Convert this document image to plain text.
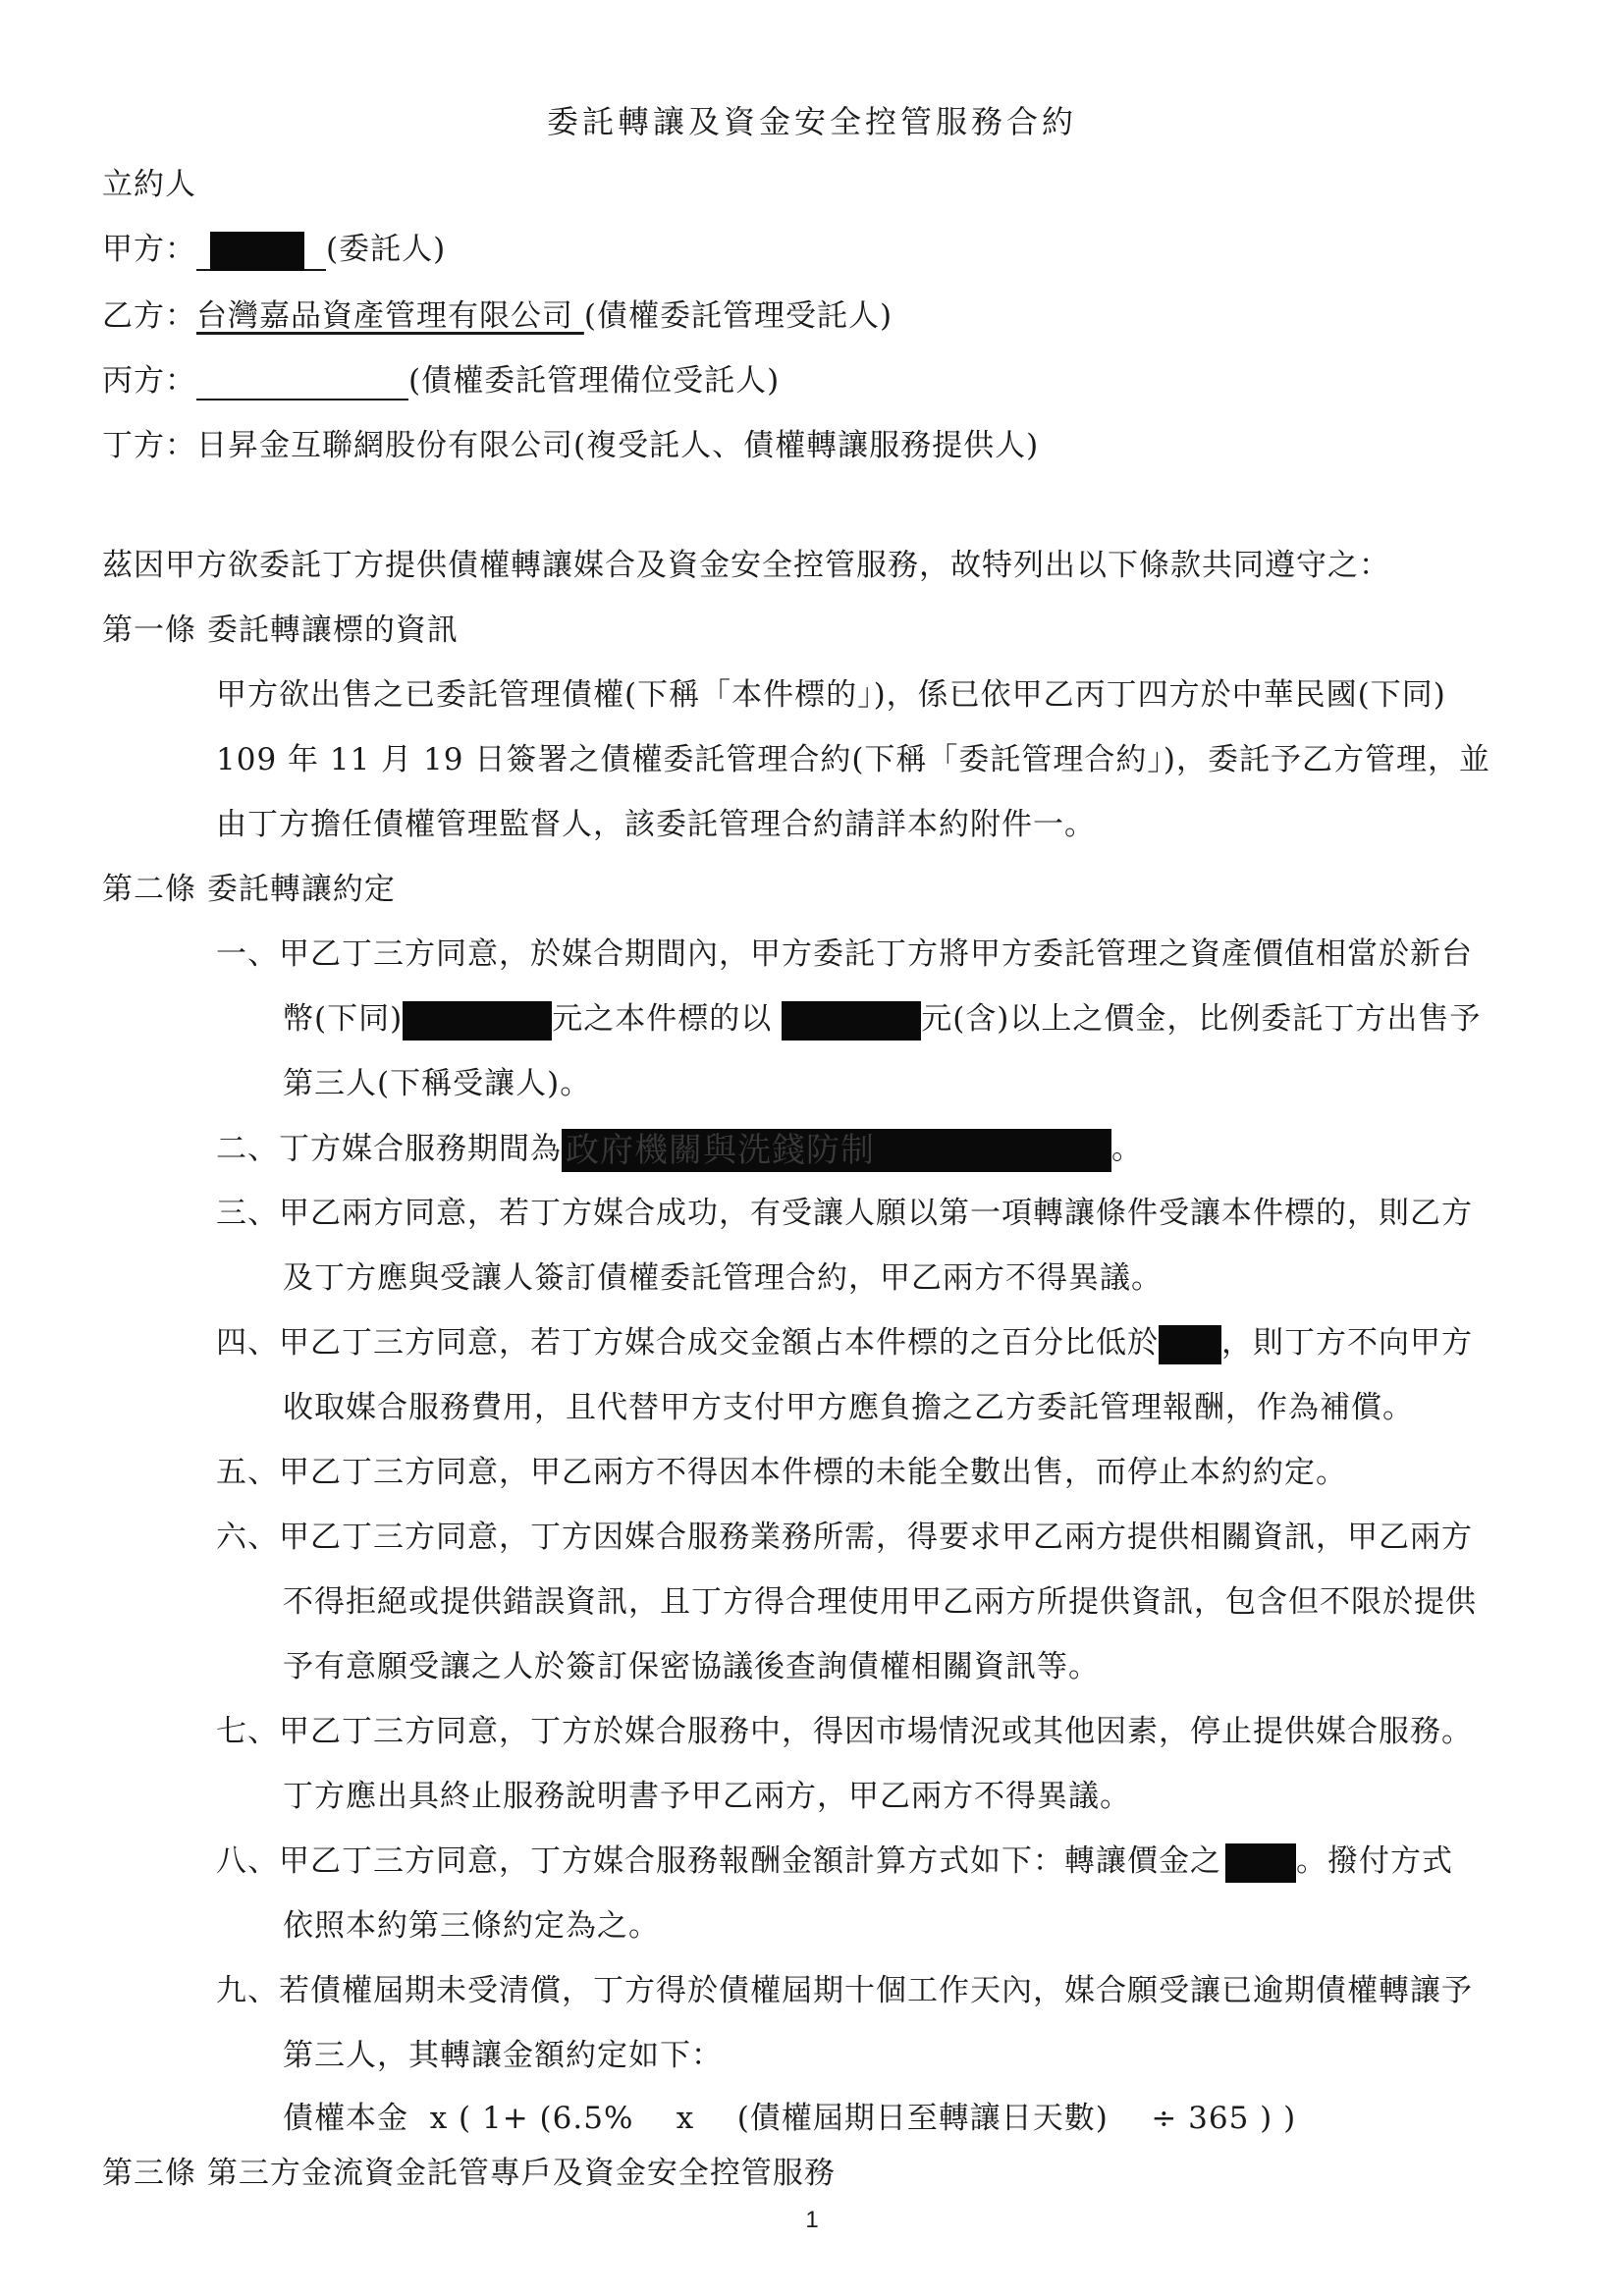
委託轉讓及資金安全控管服務合約
立約人
甲方：	(委託人)
乙方：台灣嘉品資產管理有限公司 (債權委託管理受託人)
丙方：	(債權委託管理備位受託人)
丁方：日昇金互聯網股份有限公司(複受託人、債權轉讓服務提供人)
茲因甲方欲委託丁方提供債權轉讓媒合及資金安全控管服務，故特列出以下條款共同遵守之：
第一條 委託轉讓標的資訊
甲方欲出售之已委託管理債權(下稱「本件標的」)，係已依甲乙丙丁四方於中華民國(下同)
109 年 11 月 19 日簽署之債權委託管理合約(下稱「委託管理合約」)，委託予乙方管理，並
由丁方擔任債權管理監督人，該委託管理合約請詳本約附件一。
第二條 委託轉讓約定
一、甲乙丁三方同意，於媒合期間內，甲方委託丁方將甲方委託管理之資產價值相當於新台
幣(下同)	元之本件標的以	元(含)以上之價金，比例委託丁方出售予
第三人(下稱受讓人)。
二、丁方媒合服務期間為 政府機關與洗錢防制	。
三、甲乙兩方同意，若丁方媒合成功，有受讓人願以第一項轉讓條件受讓本件標的，則乙方
及丁方應與受讓人簽訂債權委託管理合約，甲乙兩方不得異議。
四、甲乙丁三方同意，若丁方媒合成交金額占本件標的之百分比低於 ，則丁方不向甲方
收取媒合服務費用，且代替甲方支付甲方應負擔之乙方委託管理報酬，作為補償。
五、甲乙丁三方同意，甲乙兩方不得因本件標的未能全數出售，而停止本約約定。
六、甲乙丁三方同意，丁方因媒合服務業務所需，得要求甲乙兩方提供相關資訊，甲乙兩方
不得拒絕或提供錯誤資訊，且丁方得合理使用甲乙兩方所提供資訊，包含但不限於提供
予有意願受讓之人於簽訂保密協議後查詢債權相關資訊等。
七、甲乙丁三方同意，丁方於媒合服務中，得因市場情況或其他因素，停止提供媒合服務。
丁方應出具終止服務說明書予甲乙兩方，甲乙兩方不得異議。
八、甲乙丁三方同意，丁方媒合服務報酬金額計算方式如下：轉讓價金之 。撥付方式
依照本約第三條約定為之。
九、若債權屆期未受清償，丁方得於債權屆期十個工作天內，媒合願受讓已逾期債權轉讓予
第三人，其轉讓金額約定如下：
債權本金  x ( 1+ (6.5%    x    (債權屆期日至轉讓日天數)    ÷ 365 ) )
第三條 第三方金流資金託管專戶及資金安全控管服務
1
